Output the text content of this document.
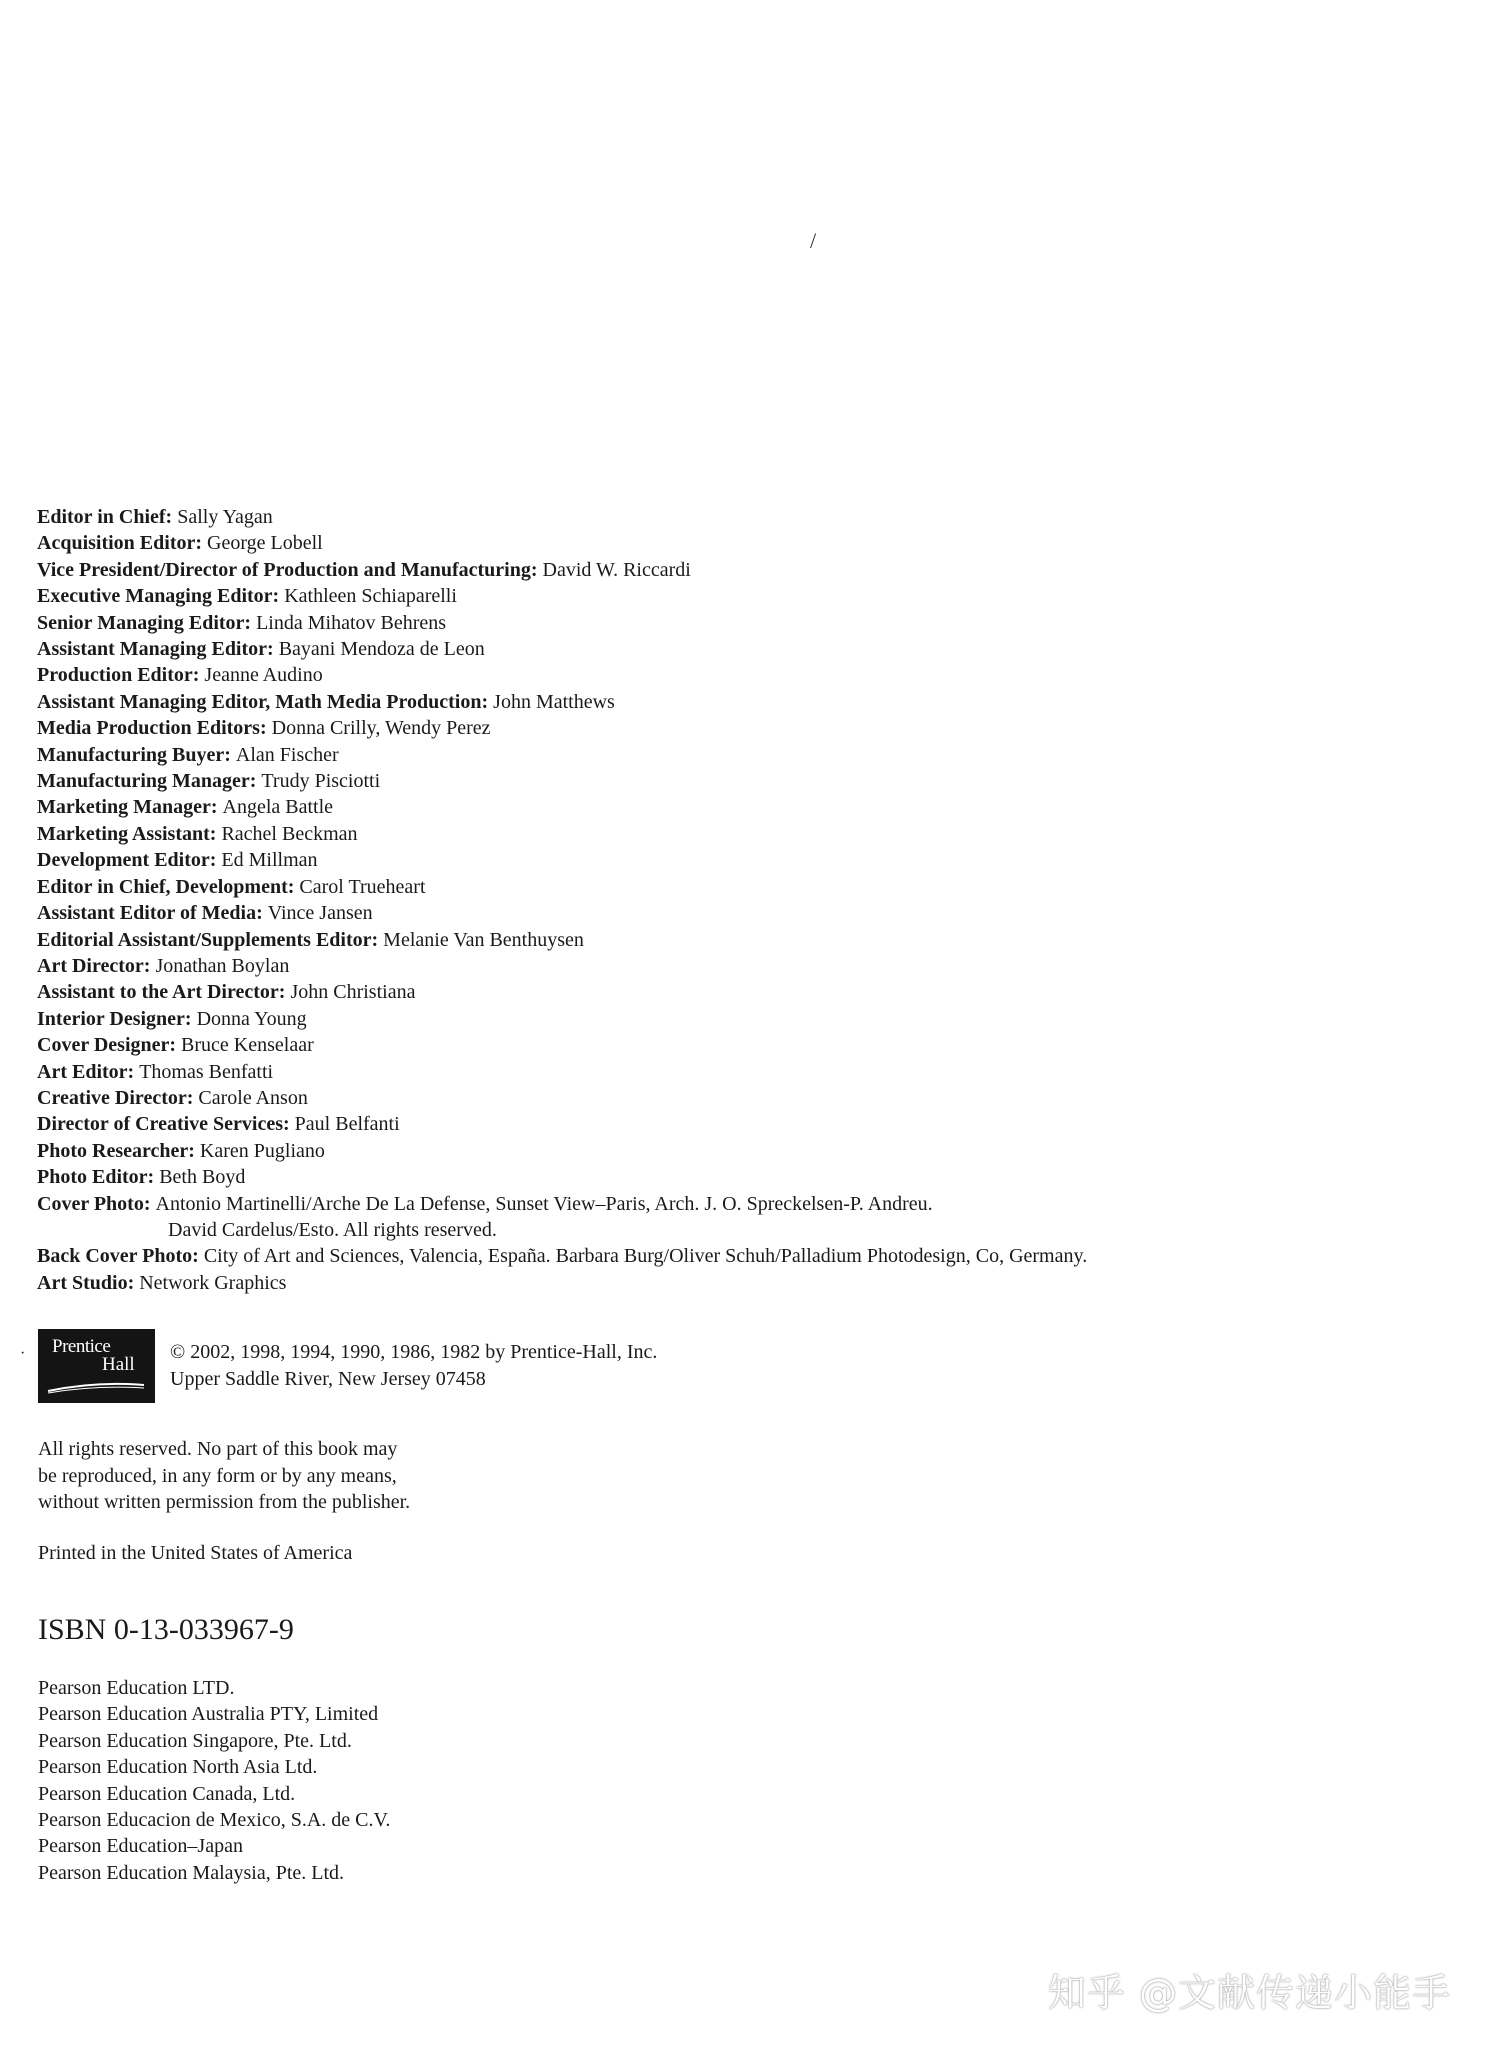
/
Editor in Chief: Sally Yagan
Acquisition Editor: George Lobell
Vice President/Director of Production and Manufacturing: David W. Riccardi
Executive Managing Editor: Kathleen Schiaparelli
Senior Managing Editor: Linda Mihatov Behrens
Assistant Managing Editor: Bayani Mendoza de Leon
Production Editor: Jeanne Audino
Assistant Managing Editor, Math Media Production: John Matthews
Media Production Editors: Donna Crilly, Wendy Perez
Manufacturing Buyer: Alan Fischer
Manufacturing Manager: Trudy Pisciotti
Marketing Manager: Angela Battle
Marketing Assistant: Rachel Beckman
Development Editor: Ed Millman
Editor in Chief, Development: Carol Trueheart
Assistant Editor of Media: Vince Jansen
Editorial Assistant/Supplements Editor: Melanie Van Benthuysen
Art Director: Jonathan Boylan
Assistant to the Art Director: John Christiana
Interior Designer: Donna Young
Cover Designer: Bruce Kenselaar
Art Editor: Thomas Benfatti
Creative Director: Carole Anson
Director of Creative Services: Paul Belfanti
Photo Researcher: Karen Pugliano
Photo Editor: Beth Boyd
Cover Photo: Antonio Martinelli/Arche De La Defense, Sunset View–Paris, Arch. J. O. Spreckelsen-P. Andreu.
David Cardelus/Esto. All rights reserved.
Back Cover Photo: City of Art and Sciences, Valencia, España. Barbara Burg/Oliver Schuh/Palladium Photodesign, Co, Germany.
Art Studio: Network Graphics
· Prentice
Hall
© 2002, 1998, 1994, 1990, 1986, 1982 by Prentice-Hall, Inc.
Upper Saddle River, New Jersey 07458
All rights reserved. No part of this book may
be reproduced, in any form or by any means,
without written permission from the publisher.
Printed in the United States of America
ISBN 0-13-033967-9
Pearson Education LTD.
Pearson Education Australia PTY, Limited
Pearson Education Singapore, Pte. Ltd.
Pearson Education North Asia Ltd.
Pearson Education Canada, Ltd.
Pearson Educacion de Mexico, S.A. de C.V.
Pearson Education–Japan
Pearson Education Malaysia, Pte. Ltd.
知乎 @文献传递小能手
